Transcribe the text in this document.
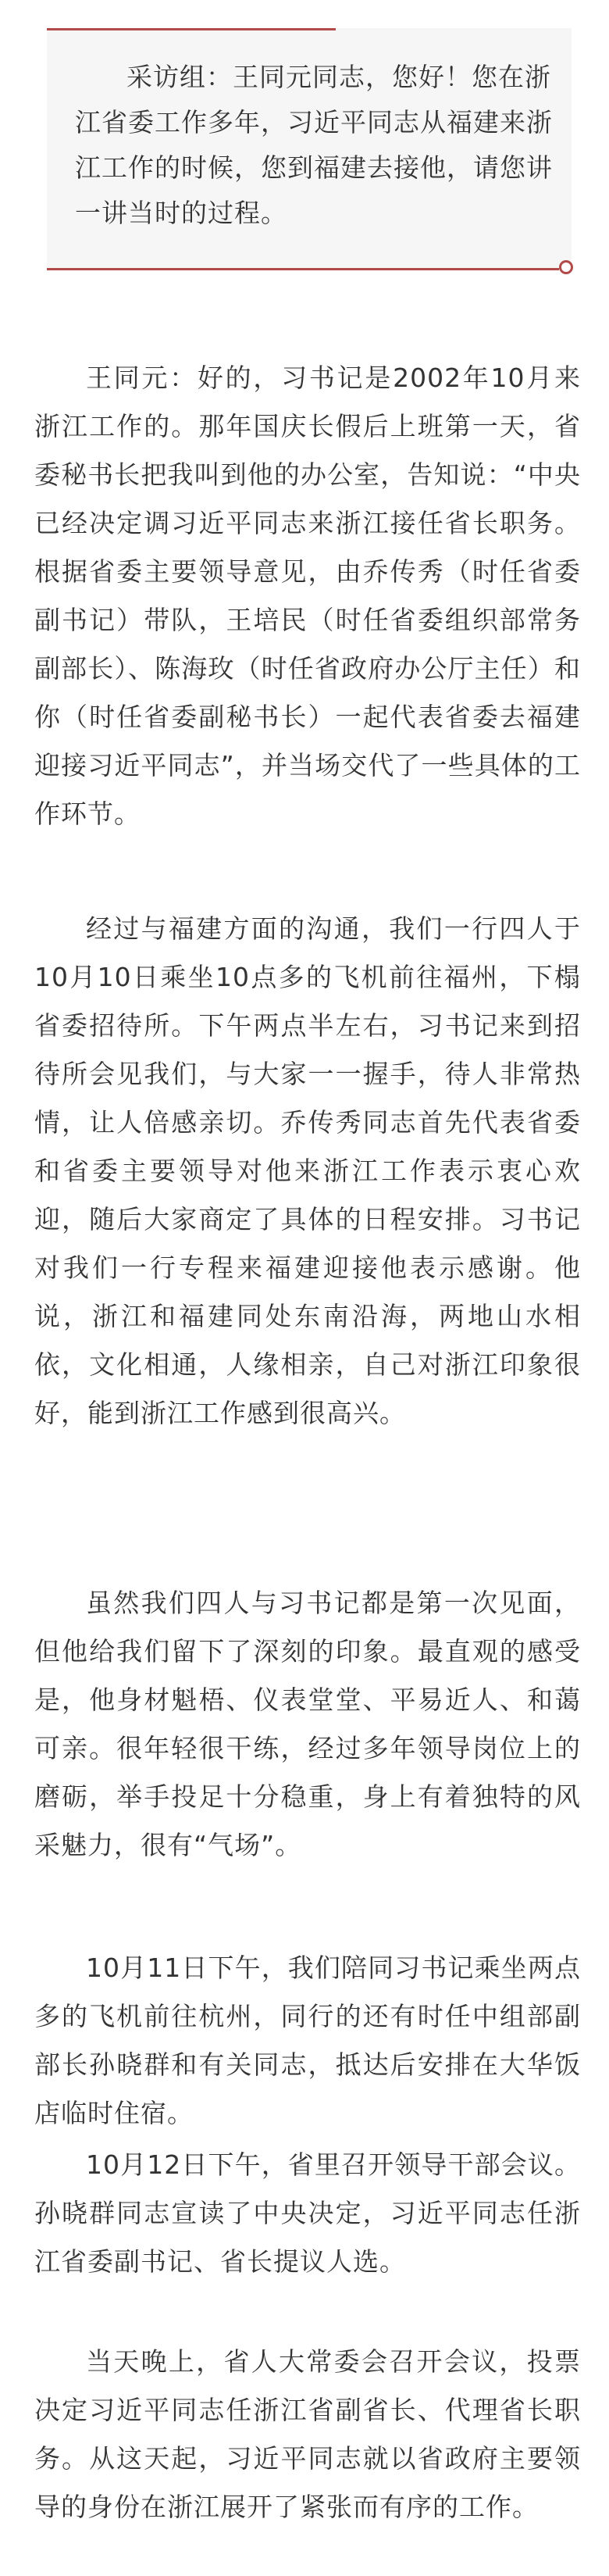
采访组：王同元同志，您好！您在浙江省委工作多年，习近平同志从福建来浙江工作的时候，您到福建去接他，请您讲一讲当时的过程。

王同元：好的，习书记是2002年10月来浙江工作的。那年国庆长假后上班第一天，省委秘书长把我叫到他的办公室，告知说：“中央已经决定调习近平同志来浙江接任省长职务。根据省委主要领导意见，由乔传秀（时任省委副书记）带队，王培民（时任省委组织部常务副部长）、陈海玫（时任省政府办公厅主任）和你（时任省委副秘书长）一起代表省委去福建迎接习近平同志”，并当场交代了一些具体的工作环节。

经过与福建方面的沟通，我们一行四人于10月10日乘坐10点多的飞机前往福州，下榻省委招待所。下午两点半左右，习书记来到招待所会见我们，与大家一一握手，待人非常热情，让人倍感亲切。乔传秀同志首先代表省委和省委主要领导对他来浙江工作表示衷心欢迎，随后大家商定了具体的日程安排。习书记对我们一行专程来福建迎接他表示感谢。他说，浙江和福建同处东南沿海，两地山水相依，文化相通，人缘相亲，自己对浙江印象很好，能到浙江工作感到很高兴。

虽然我们四人与习书记都是第一次见面，但他给我们留下了深刻的印象。最直观的感受是，他身材魁梧、仪表堂堂、平易近人、和蔼可亲。很年轻很干练，经过多年领导岗位上的磨砺，举手投足十分稳重，身上有着独特的风采魅力，很有“气场”。

10月11日下午，我们陪同习书记乘坐两点多的飞机前往杭州，同行的还有时任中组部副部长孙晓群和有关同志，抵达后安排在大华饭店临时住宿。

10月12日下午，省里召开领导干部会议。孙晓群同志宣读了中央决定，习近平同志任浙江省委副书记、省长提议人选。

当天晚上，省人大常委会召开会议，投票决定习近平同志任浙江省副省长、代理省长职务。从这天起，习近平同志就以省政府主要领导的身份在浙江展开了紧张而有序的工作。
